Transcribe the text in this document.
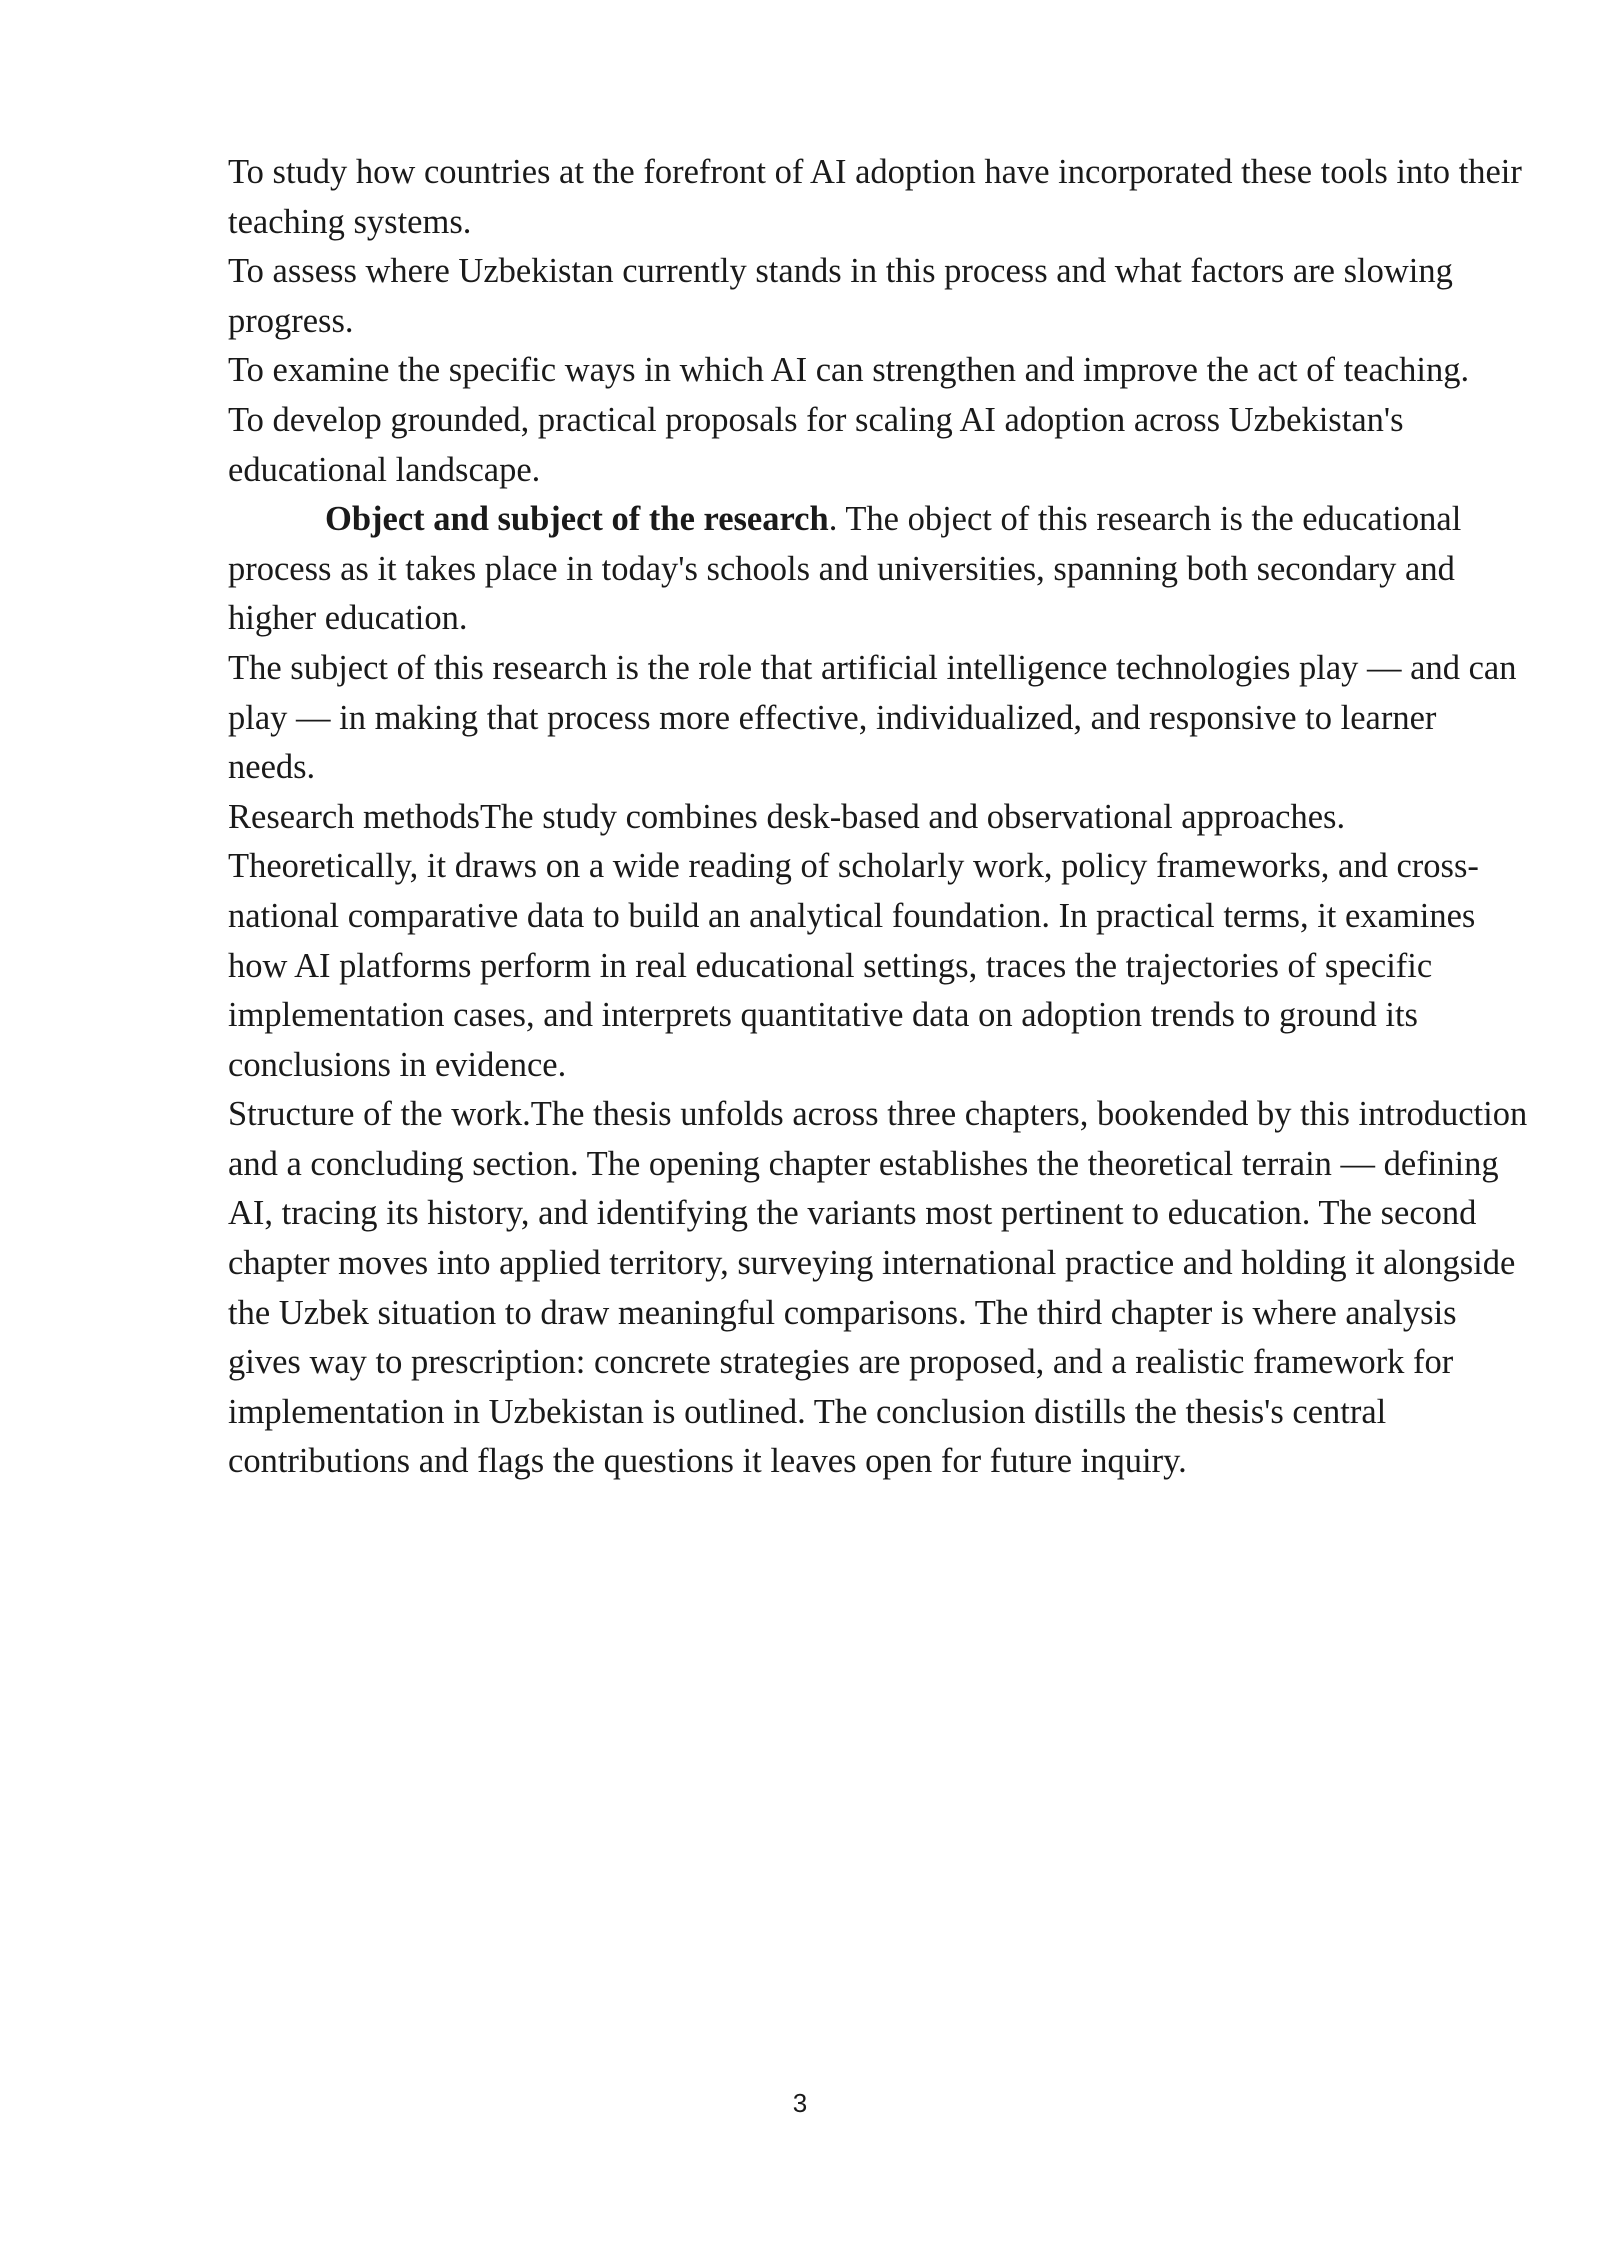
To study how countries at the forefront of AI adoption have incorporated these tools into their teaching systems.

To assess where Uzbekistan currently stands in this process and what factors are slowing progress.

To examine the specific ways in which AI can strengthen and improve the act of teaching.

To develop grounded, practical proposals for scaling AI adoption across Uzbekistan's educational landscape.

Object and subject of the research. The object of this research is the educational process as it takes place in today's schools and universities, spanning both secondary and higher education.

The subject of this research is the role that artificial intelligence technologies play — and can play — in making that process more effective, individualized, and responsive to learner needs.

Research methodsThe study combines desk-based and observational approaches. Theoretically, it draws on a wide reading of scholarly work, policy frameworks, and cross-national comparative data to build an analytical foundation. In practical terms, it examines how AI platforms perform in real educational settings, traces the trajectories of specific implementation cases, and interprets quantitative data on adoption trends to ground its conclusions in evidence.

Structure of the work.The thesis unfolds across three chapters, bookended by this introduction and a concluding section. The opening chapter establishes the theoretical terrain — defining AI, tracing its history, and identifying the variants most pertinent to education. The second chapter moves into applied territory, surveying international practice and holding it alongside the Uzbek situation to draw meaningful comparisons. The third chapter is where analysis gives way to prescription: concrete strategies are proposed, and a realistic framework for implementation in Uzbekistan is outlined. The conclusion distills the thesis's central contributions and flags the questions it leaves open for future inquiry.

3
